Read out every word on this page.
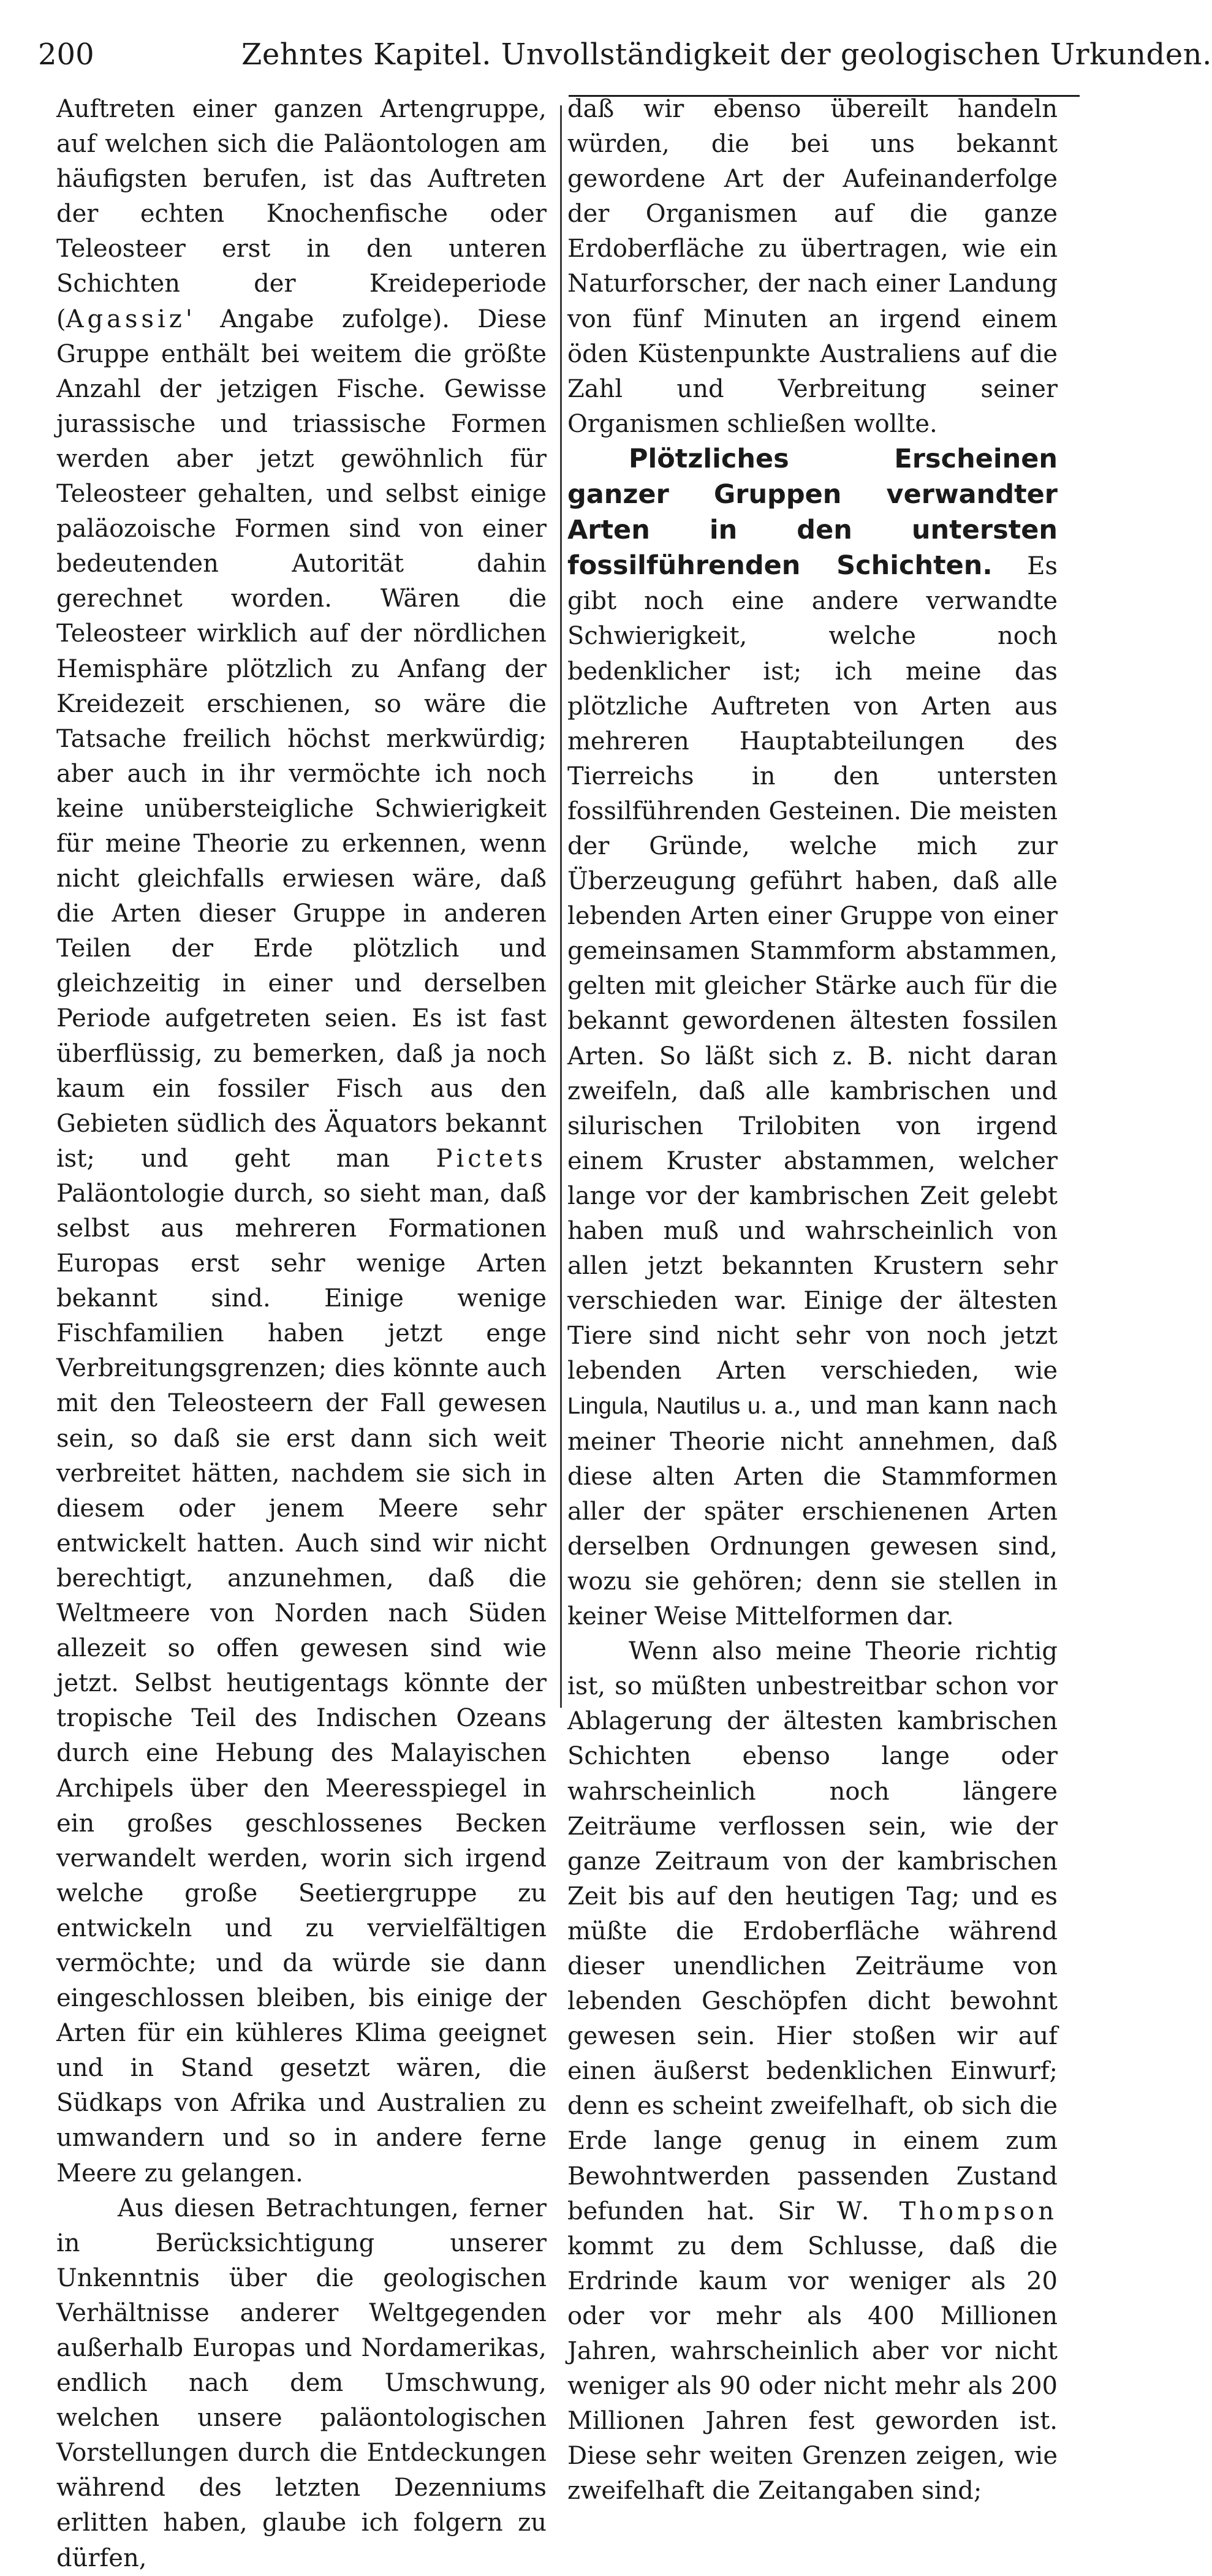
200	Zehntes Kapitel. Unvollständigkeit der geologischen Urkunden.

Auftreten einer ganzen Artengruppe, auf welchen sich die Paläontologen am häufigsten berufen, ist das Auftreten der echten Knochenfische oder Teleosteer erst in den unteren Schichten der Kreideperiode (Agassiz' Angabe zufolge). Diese Gruppe enthält bei weitem die größte Anzahl der jetzigen Fische. Gewisse jurassische und triassische Formen werden aber jetzt gewöhnlich für Teleosteer gehalten, und selbst einige paläozoische Formen sind von einer bedeutenden Autorität dahin gerechnet worden. Wären die Teleosteer wirklich auf der nördlichen Hemisphäre plötzlich zu Anfang der Kreidezeit erschienen, so wäre die Tatsache freilich höchst merkwürdig; aber auch in ihr vermöchte ich noch keine unübersteigliche Schwierigkeit für meine Theorie zu erkennen, wenn nicht gleichfalls erwiesen wäre, daß die Arten dieser Gruppe in anderen Teilen der Erde plötzlich und gleichzeitig in einer und derselben Periode aufgetreten seien. Es ist fast überflüssig, zu bemerken, daß ja noch kaum ein fossiler Fisch aus den Gebieten südlich des Äquators bekannt ist; und geht man Pictets Paläontologie durch, so sieht man, daß selbst aus mehreren Formationen Europas erst sehr wenige Arten bekannt sind. Einige wenige Fischfamilien haben jetzt enge Verbreitungsgrenzen; dies könnte auch mit den Teleosteern der Fall gewesen sein, so daß sie erst dann sich weit verbreitet hätten, nachdem sie sich in diesem oder jenem Meere sehr entwickelt hatten. Auch sind wir nicht berechtigt, anzunehmen, daß die Weltmeere von Norden nach Süden allezeit so offen gewesen sind wie jetzt. Selbst heutigentags könnte der tropische Teil des Indischen Ozeans durch eine Hebung des Malayischen Archipels über den Meeresspiegel in ein großes geschlossenes Becken verwandelt werden, worin sich irgend welche große Seetiergruppe zu entwickeln und zu vervielfältigen vermöchte; und da würde sie dann eingeschlossen bleiben, bis einige der Arten für ein kühleres Klima geeignet und in Stand gesetzt wären, die Südkaps von Afrika und Australien zu umwandern und so in andere ferne Meere zu gelangen.

Aus diesen Betrachtungen, ferner in Berücksichtigung unserer Unkenntnis über die geologischen Verhältnisse anderer Weltgegenden außerhalb Europas und Nordamerikas, endlich nach dem Umschwung, welchen unsere paläontologischen Vorstellungen durch die Entdeckungen während des letzten Dezenniums erlitten haben, glaube ich folgern zu dürfen,

daß wir ebenso übereilt handeln würden, die bei uns bekannt gewordene Art der Aufeinanderfolge der Organismen auf die ganze Erdoberfläche zu übertragen, wie ein Naturforscher, der nach einer Landung von fünf Minuten an irgend einem öden Küstenpunkte Australiens auf die Zahl und Verbreitung seiner Organismen schließen wollte.

Plötzliches Erscheinen ganzer Gruppen verwandter Arten in den untersten fossilführenden Schichten. Es gibt noch eine andere verwandte Schwierigkeit, welche noch bedenklicher ist; ich meine das plötzliche Auftreten von Arten aus mehreren Hauptabteilungen des Tierreichs in den untersten fossilführenden Gesteinen. Die meisten der Gründe, welche mich zur Überzeugung geführt haben, daß alle lebenden Arten einer Gruppe von einer gemeinsamen Stammform abstammen, gelten mit gleicher Stärke auch für die bekannt gewordenen ältesten fossilen Arten. So läßt sich z. B. nicht daran zweifeln, daß alle kambrischen und silurischen Trilobiten von irgend einem Kruster abstammen, welcher lange vor der kambrischen Zeit gelebt haben muß und wahrscheinlich von allen jetzt bekannten Krustern sehr verschieden war. Einige der ältesten Tiere sind nicht sehr von noch jetzt lebenden Arten verschieden, wie Lingula, Nautilus u. a., und man kann nach meiner Theorie nicht annehmen, daß diese alten Arten die Stammformen aller der später erschienenen Arten derselben Ordnungen gewesen sind, wozu sie gehören; denn sie stellen in keiner Weise Mittelformen dar.

Wenn also meine Theorie richtig ist, so müßten unbestreitbar schon vor Ablagerung der ältesten kambrischen Schichten ebenso lange oder wahrscheinlich noch längere Zeiträume verflossen sein, wie der ganze Zeitraum von der kambrischen Zeit bis auf den heutigen Tag; und es müßte die Erdoberfläche während dieser unendlichen Zeiträume von lebenden Geschöpfen dicht bewohnt gewesen sein. Hier stoßen wir auf einen äußerst bedenklichen Einwurf; denn es scheint zweifelhaft, ob sich die Erde lange genug in einem zum Bewohntwerden passenden Zustand befunden hat. Sir W. Thompson kommt zu dem Schlusse, daß die Erdrinde kaum vor weniger als 20 oder vor mehr als 400 Millionen Jahren, wahrscheinlich aber vor nicht weniger als 90 oder nicht mehr als 200 Millionen Jahren fest geworden ist. Diese sehr weiten Grenzen zeigen, wie zweifelhaft die Zeitangaben sind;
